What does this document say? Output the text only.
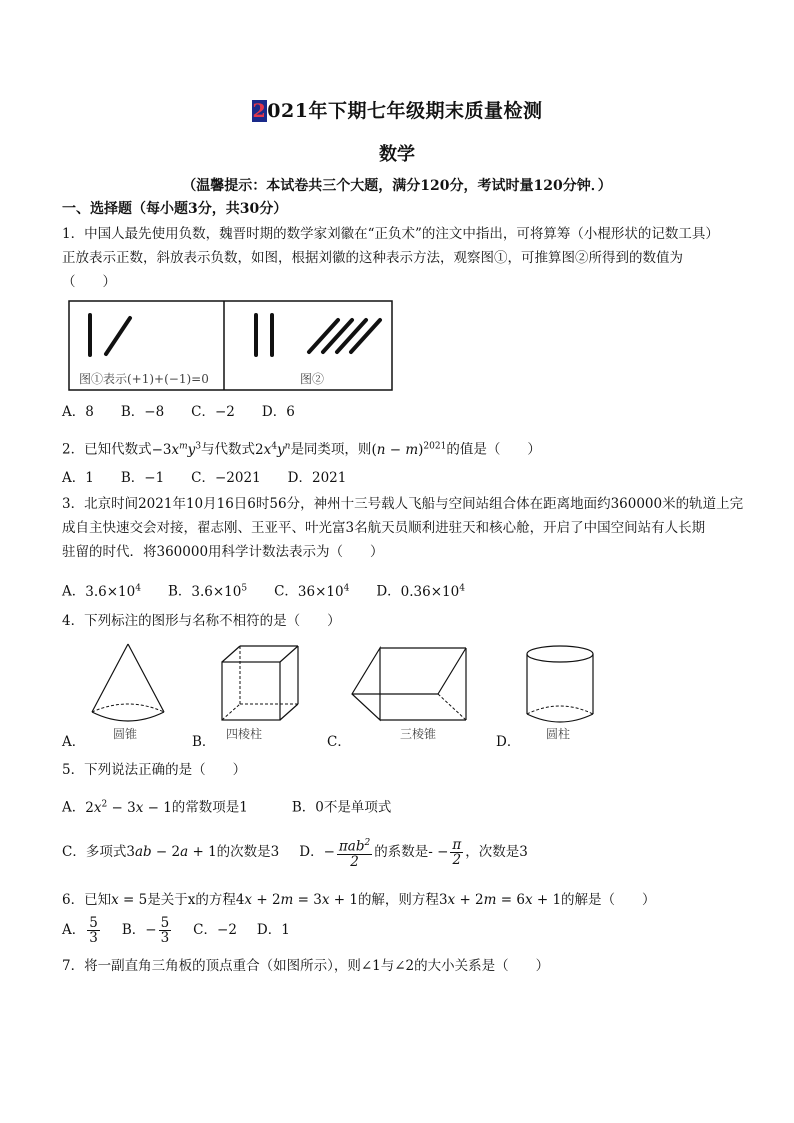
2021年下期七年级期末质量检测
数学
（温馨提示：本试卷共三个大题，满分120分，考试时量120分钟．）
一、选择题（每小题3分，共30分）
1．中国人最先使用负数，魏晋时期的数学家刘徽在“正负术”的注文中指出，可将算筹（小棍形状的记数工具）
正放表示正数，斜放表示负数，如图，根据刘徽的这种表示方法，观察图①，可推算图②所得到的数值为
（　　）
图①表示(+1)+(−1)=0	图②
A．8　　B．−8　　C．−2　　D．6
2．已知代数式$-3x^my^3$与代数式$2x^4y^n$是同类项，则$(n - m)^{2021}$的值是（　　）
A．1　　B．−1　　C．−2021　　D．2021
3．北京时间2021年10月16日6时56分，神州十三号载人飞船与空间站组合体在距离地面约360000米的轨道上完
成自主快速交会对接，翟志刚、王亚平、叶光富3名航天员顺利进驻天和核心舱，开启了中国空间站有人长期
驻留的时代．将360000用科学计数法表示为（　　）
A．$3.6\times 10^4$　　 B．$3.6\times 10^5$　　 C．$36\times 10^4$　　 D．$0.36\times 10^4$
4．下列标注的图形与名称不相符的是（　　）
A． 圆锥	B． 四棱柱	C．	三棱锥	D． 圆柱
5．下列说法正确的是（　　）
A．$2x^2 - 3x - 1$的常数项是1	B．0不是单项式
C．多项式3ab − 2a + 1的次数是3 D．− $\frac{\pi ab^2}{2}$ 的系数是- − $\frac{\pi}{2}$ ，次数是3
6．已知x = 5是关于x的方程4x + 2m = 3x + 1的解，则方程3x + 2m = 6x + 1的解是（　　）
A． $\frac{5}{3}$ B．− $\frac{5}{3}$ C．−2 D．1
7．将一副直角三角板的顶点重合（如图所示），则∠1与∠2的大小关系是（　　）
